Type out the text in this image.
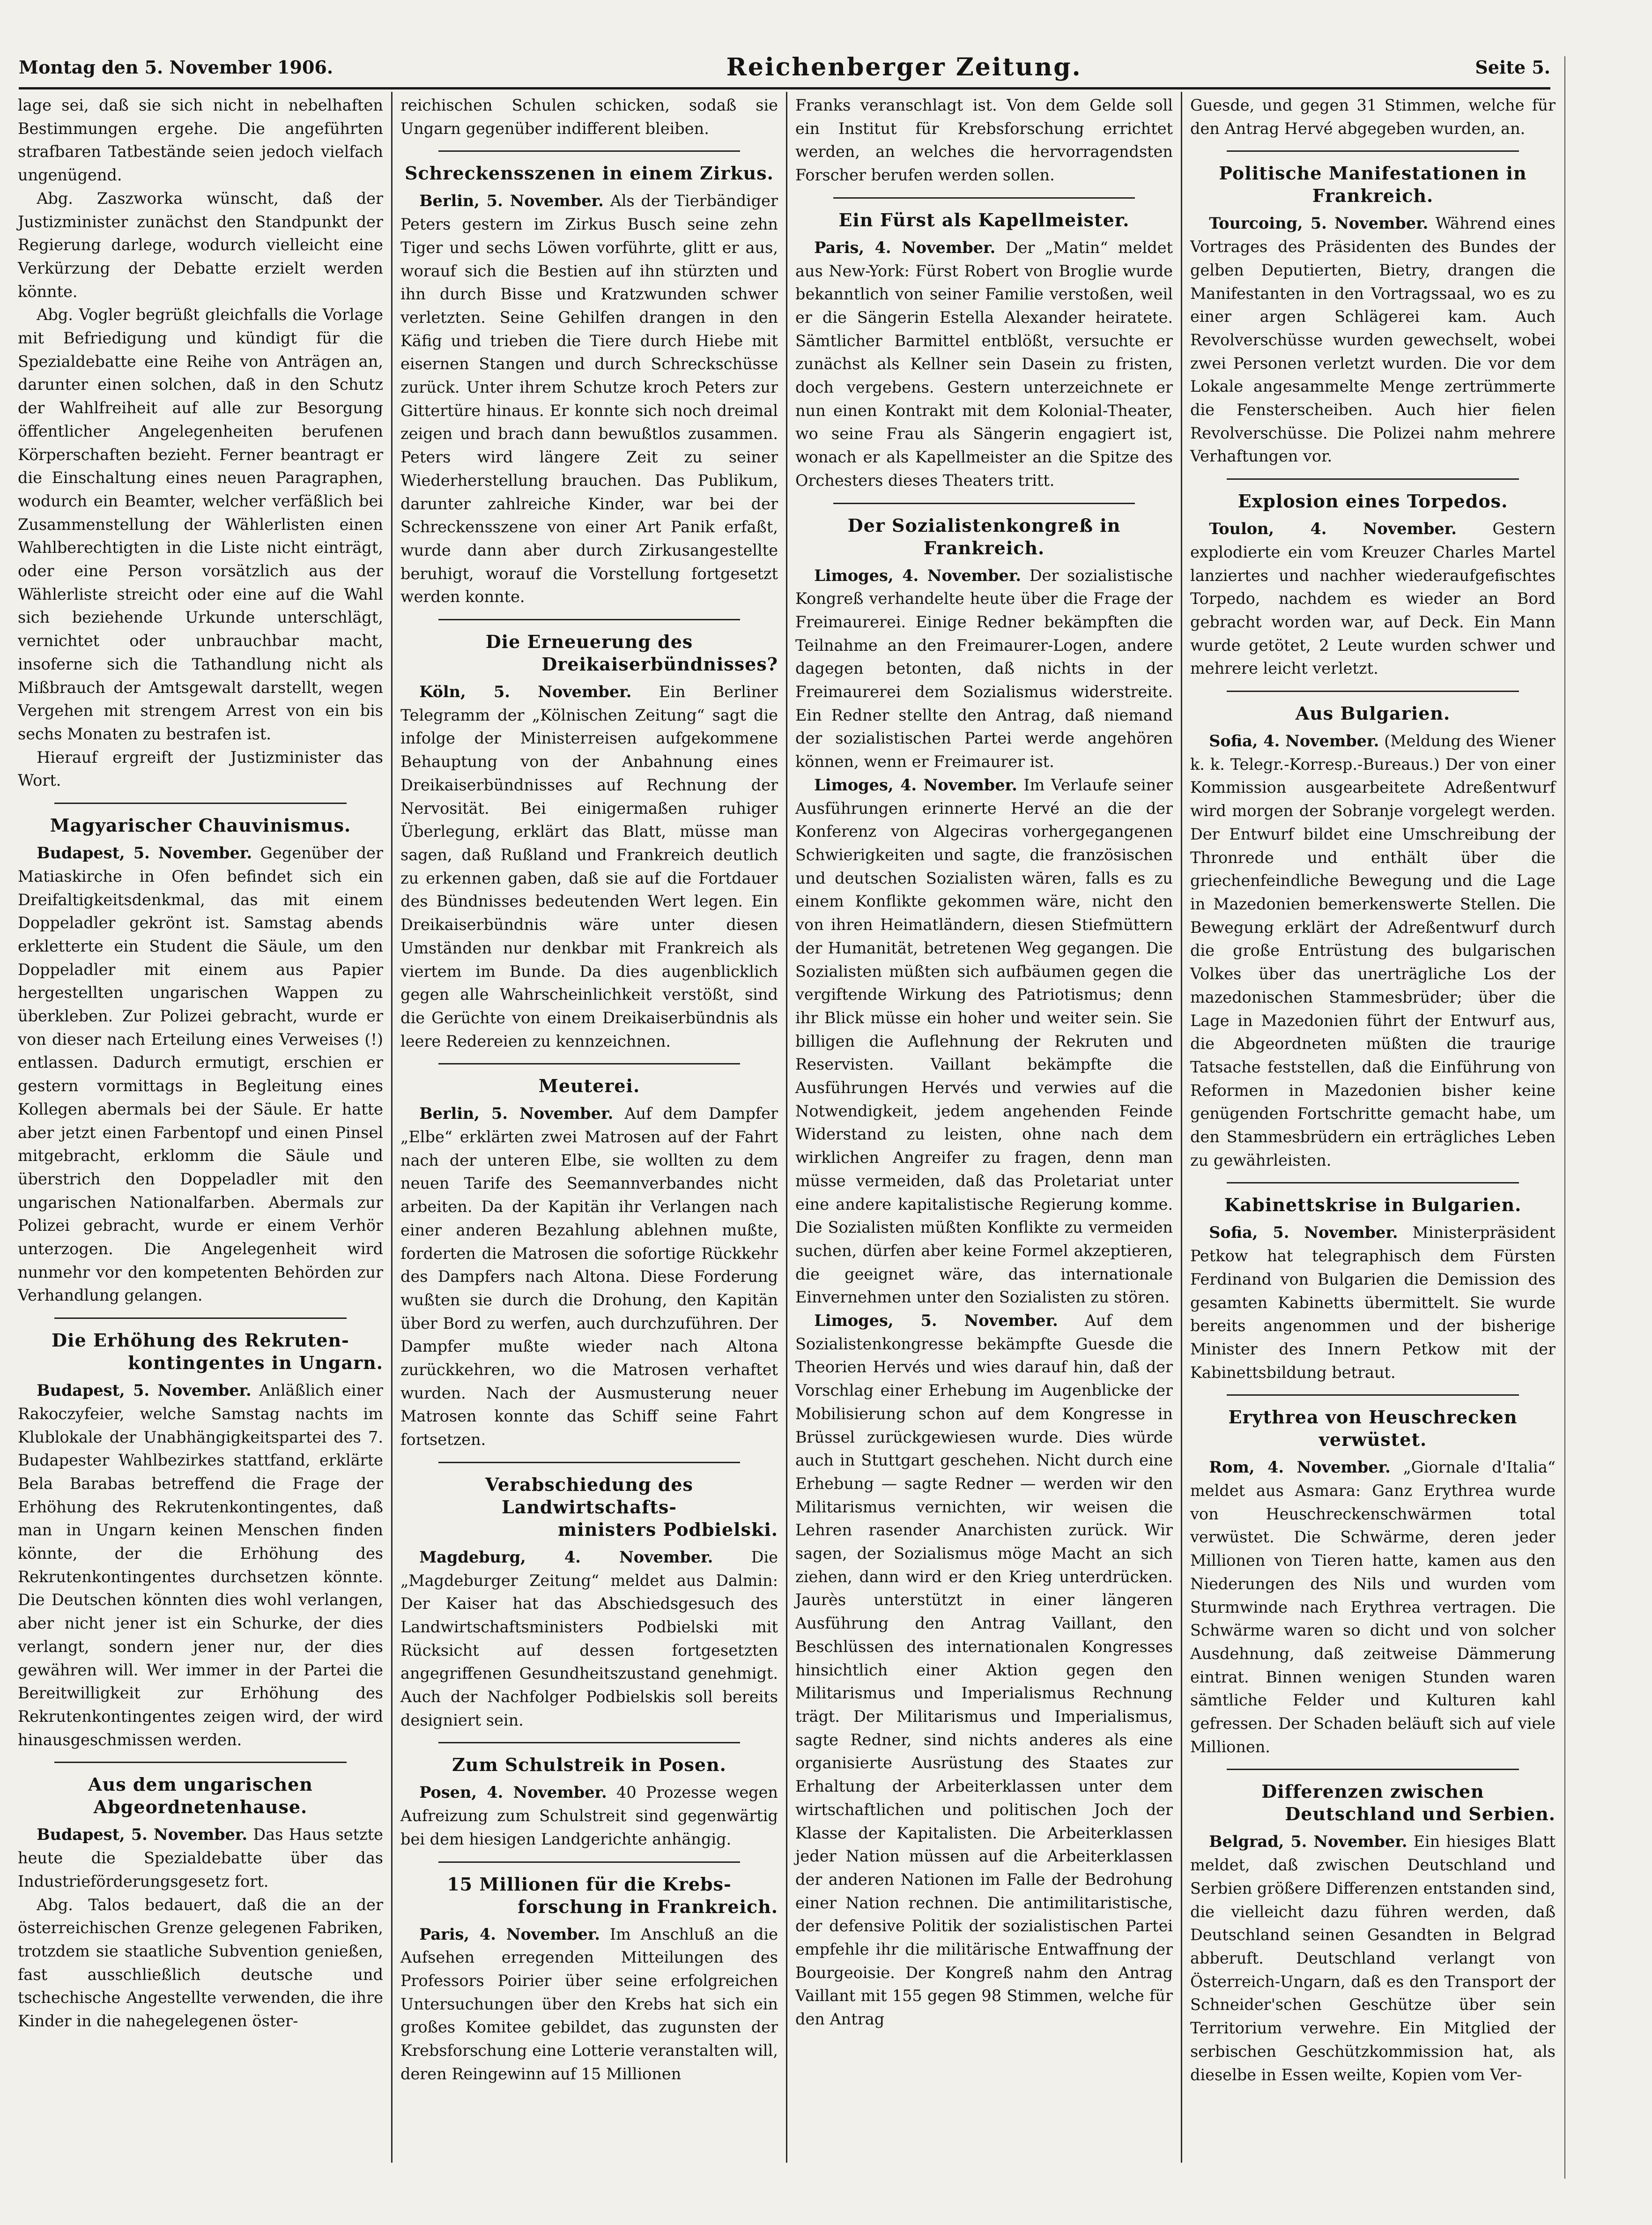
Montag den 5. November 1906.	Reichenberger Zeitung.	Seite 5.

lage sei, daß sie sich nicht in nebelhaften Bestimmungen ergehe. Die angeführten strafbaren Tatbestände seien jedoch vielfach ungenügend.

Abg. Zaszworka wünscht, daß der Justizminister zunächst den Standpunkt der Regierung darlege, wodurch vielleicht eine Verkürzung der Debatte erzielt werden könnte.

Abg. Vogler begrüßt gleichfalls die Vorlage mit Befriedigung und kündigt für die Spezialdebatte eine Reihe von Anträgen an, darunter einen solchen, daß in den Schutz der Wahlfreiheit auf alle zur Besorgung öffentlicher Angelegenheiten berufenen Körperschaften bezieht. Ferner beantragt er die Einschaltung eines neuen Paragraphen, wodurch ein Beamter, welcher verfäßlich bei Zusammenstellung der Wählerlisten einen Wahlberechtigten in die Liste nicht einträgt, oder eine Person vorsätzlich aus der Wählerliste streicht oder eine auf die Wahl sich beziehende Urkunde unterschlägt, vernichtet oder unbrauchbar macht, insoferne sich die Tathandlung nicht als Mißbrauch der Amtsgewalt darstellt, wegen Vergehen mit strengem Arrest von ein bis sechs Monaten zu bestrafen ist.

Hierauf ergreift der Justizminister das Wort.

Magyarischer Chauvinismus.

Budapest, 5. November. Gegenüber der Matiaskirche in Ofen befindet sich ein Dreifaltigkeitsdenkmal, das mit einem Doppeladler gekrönt ist. Samstag abends erkletterte ein Student die Säule, um den Doppeladler mit einem aus Papier hergestellten ungarischen Wappen zu überkleben. Zur Polizei gebracht, wurde er von dieser nach Erteilung eines Verweises (!) entlassen. Dadurch ermutigt, erschien er gestern vormittags in Begleitung eines Kollegen abermals bei der Säule. Er hatte aber jetzt einen Farbentopf und einen Pinsel mitgebracht, erklomm die Säule und überstrich den Doppeladler mit den ungarischen Nationalfarben. Abermals zur Polizei gebracht, wurde er einem Verhör unterzogen. Die Angelegenheit wird nunmehr vor den kompetenten Behörden zur Verhandlung gelangen.

Die Erhöhung des Rekruten-
kontingentes in Ungarn.

Budapest, 5. November. Anläßlich einer Rakoczyfeier, welche Samstag nachts im Klublokale der Unabhängigkeitspartei des 7. Budapester Wahlbezirkes stattfand, erklärte Bela Barabas betreffend die Frage der Erhöhung des Rekrutenkontingentes, daß man in Ungarn keinen Menschen finden könnte, der die Erhöhung des Rekrutenkontingentes durchsetzen könnte. Die Deutschen könnten dies wohl verlangen, aber nicht jener ist ein Schurke, der dies verlangt, sondern jener nur, der dies gewähren will. Wer immer in der Partei die Bereitwilligkeit zur Erhöhung des Rekrutenkontingentes zeigen wird, der wird hinausgeschmissen werden.

Aus dem ungarischen Abgeordnetenhause.

Budapest, 5. November. Das Haus setzte heute die Spezialdebatte über das Industrieförderungsgesetz fort.

Abg. Talos bedauert, daß die an der österreichischen Grenze gelegenen Fabriken, trotzdem sie staatliche Subvention genießen, fast ausschließlich deutsche und tschechische Angestellte verwenden, die ihre Kinder in die nahegelegenen öster-

reichischen Schulen schicken, sodaß sie Ungarn gegenüber indifferent bleiben.

Schreckensszenen in einem Zirkus.

Berlin, 5. November. Als der Tierbändiger Peters gestern im Zirkus Busch seine zehn Tiger und sechs Löwen vorführte, glitt er aus, worauf sich die Bestien auf ihn stürzten und ihn durch Bisse und Kratzwunden schwer verletzten. Seine Gehilfen drangen in den Käfig und trieben die Tiere durch Hiebe mit eisernen Stangen und durch Schreckschüsse zurück. Unter ihrem Schutze kroch Peters zur Gittertüre hinaus. Er konnte sich noch dreimal zeigen und brach dann bewußtlos zusammen. Peters wird längere Zeit zu seiner Wiederherstellung brauchen. Das Publikum, darunter zahlreiche Kinder, war bei der Schreckensszene von einer Art Panik erfaßt, wurde dann aber durch Zirkusangestellte beruhigt, worauf die Vorstellung fortgesetzt werden konnte.

Die Erneuerung des
Dreikaiserbündnisses?

Köln, 5. November. Ein Berliner Telegramm der „Kölnischen Zeitung“ sagt die infolge der Ministerreisen aufgekommene Behauptung von der Anbahnung eines Dreikaiserbündnisses auf Rechnung der Nervosität. Bei einigermaßen ruhiger Überlegung, erklärt das Blatt, müsse man sagen, daß Rußland und Frankreich deutlich zu erkennen gaben, daß sie auf die Fortdauer des Bündnisses bedeutenden Wert legen. Ein Dreikaiserbündnis wäre unter diesen Umständen nur denkbar mit Frankreich als viertem im Bunde. Da dies augenblicklich gegen alle Wahrscheinlichkeit verstößt, sind die Gerüchte von einem Dreikaiserbündnis als leere Redereien zu kennzeichnen.

Meuterei.

Berlin, 5. November. Auf dem Dampfer „Elbe“ erklärten zwei Matrosen auf der Fahrt nach der unteren Elbe, sie wollten zu dem neuen Tarife des Seemannverbandes nicht arbeiten. Da der Kapitän ihr Verlangen nach einer anderen Bezahlung ablehnen mußte, forderten die Matrosen die sofortige Rückkehr des Dampfers nach Altona. Diese Forderung wußten sie durch die Drohung, den Kapitän über Bord zu werfen, auch durchzuführen. Der Dampfer mußte wieder nach Altona zurückkehren, wo die Matrosen verhaftet wurden. Nach der Ausmusterung neuer Matrosen konnte das Schiff seine Fahrt fortsetzen.

Verabschiedung des Landwirtschafts-
ministers Podbielski.

Magdeburg, 4. November. Die „Magdeburger Zeitung“ meldet aus Dalmin: Der Kaiser hat das Abschiedsgesuch des Landwirtschaftsministers Podbielski mit Rücksicht auf dessen fortgesetzten angegriffenen Gesundheitszustand genehmigt. Auch der Nachfolger Podbielskis soll bereits designiert sein.

Zum Schulstreik in Posen.

Posen, 4. November. 40 Prozesse wegen Aufreizung zum Schulstreit sind gegenwärtig bei dem hiesigen Landgerichte anhängig.

15 Millionen für die Krebs-
forschung in Frankreich.

Paris, 4. November. Im Anschluß an die Aufsehen erregenden Mitteilungen des Professors Poirier über seine erfolgreichen Untersuchungen über den Krebs hat sich ein großes Komitee gebildet, das zugunsten der Krebsforschung eine Lotterie veranstalten will, deren Reingewinn auf 15 Millionen

Franks veranschlagt ist. Von dem Gelde soll ein Institut für Krebsforschung errichtet werden, an welches die hervorragendsten Forscher berufen werden sollen.

Ein Fürst als Kapellmeister.

Paris, 4. November. Der „Matin“ meldet aus New-York: Fürst Robert von Broglie wurde bekanntlich von seiner Familie verstoßen, weil er die Sängerin Estella Alexander heiratete. Sämtlicher Barmittel entblößt, versuchte er zunächst als Kellner sein Dasein zu fristen, doch vergebens. Gestern unterzeichnete er nun einen Kontrakt mit dem Kolonial-Theater, wo seine Frau als Sängerin engagiert ist, wonach er als Kapellmeister an die Spitze des Orchesters dieses Theaters tritt.

Der Sozialistenkongreß in Frankreich.

Limoges, 4. November. Der sozialistische Kongreß verhandelte heute über die Frage der Freimaurerei. Einige Redner bekämpften die Teilnahme an den Freimaurer-Logen, andere dagegen betonten, daß nichts in der Freimaurerei dem Sozialismus widerstreite. Ein Redner stellte den Antrag, daß niemand der sozialistischen Partei werde angehören können, wenn er Freimaurer ist.

Limoges, 4. November. Im Verlaufe seiner Ausführungen erinnerte Hervé an die der Konferenz von Algeciras vorhergegangenen Schwierigkeiten und sagte, die französischen und deutschen Sozialisten wären, falls es zu einem Konflikte gekommen wäre, nicht den von ihren Heimatländern, diesen Stiefmüttern der Humanität, betretenen Weg gegangen. Die Sozialisten müßten sich aufbäumen gegen die vergiftende Wirkung des Patriotismus; denn ihr Blick müsse ein hoher und weiter sein. Sie billigen die Auflehnung der Rekruten und Reservisten. Vaillant bekämpfte die Ausführungen Hervés und verwies auf die Notwendigkeit, jedem angehenden Feinde Widerstand zu leisten, ohne nach dem wirklichen Angreifer zu fragen, denn man müsse vermeiden, daß das Proletariat unter eine andere kapitalistische Regierung komme. Die Sozialisten müßten Konflikte zu vermeiden suchen, dürfen aber keine Formel akzeptieren, die geeignet wäre, das internationale Einvernehmen unter den Sozialisten zu stören.

Limoges, 5. November. Auf dem Sozialistenkongresse bekämpfte Guesde die Theorien Hervés und wies darauf hin, daß der Vorschlag einer Erhebung im Augenblicke der Mobilisierung schon auf dem Kongresse in Brüssel zurückgewiesen wurde. Dies würde auch in Stuttgart geschehen. Nicht durch eine Erhebung — sagte Redner — werden wir den Militarismus vernichten, wir weisen die Lehren rasender Anarchisten zurück. Wir sagen, der Sozialismus möge Macht an sich ziehen, dann wird er den Krieg unterdrücken. Jaurès unterstützt in einer längeren Ausführung den Antrag Vaillant, den Beschlüssen des internationalen Kongresses hinsichtlich einer Aktion gegen den Militarismus und Imperialismus Rechnung trägt. Der Militarismus und Imperialismus, sagte Redner, sind nichts anderes als eine organisierte Ausrüstung des Staates zur Erhaltung der Arbeiterklassen unter dem wirtschaftlichen und politischen Joch der Klasse der Kapitalisten. Die Arbeiterklassen jeder Nation müssen auf die Arbeiterklassen der anderen Nationen im Falle der Bedrohung einer Nation rechnen. Die antimilitaristische, der defensive Politik der sozialistischen Partei empfehle ihr die militärische Entwaffnung der Bourgeoisie. Der Kongreß nahm den Antrag Vaillant mit 155 gegen 98 Stimmen, welche für den Antrag

Guesde, und gegen 31 Stimmen, welche für den Antrag Hervé abgegeben wurden, an.

Politische Manifestationen in Frankreich.

Tourcoing, 5. November. Während eines Vortrages des Präsidenten des Bundes der gelben Deputierten, Bietry, drangen die Manifestanten in den Vortragssaal, wo es zu einer argen Schlägerei kam. Auch Revolverschüsse wurden gewechselt, wobei zwei Personen verletzt wurden. Die vor dem Lokale angesammelte Menge zertrümmerte die Fensterscheiben. Auch hier fielen Revolverschüsse. Die Polizei nahm mehrere Verhaftungen vor.

Explosion eines Torpedos.

Toulon, 4. November. Gestern explodierte ein vom Kreuzer Charles Martel lanziertes und nachher wiederaufgefischtes Torpedo, nachdem es wieder an Bord gebracht worden war, auf Deck. Ein Mann wurde getötet, 2 Leute wurden schwer und mehrere leicht verletzt.

Aus Bulgarien.

Sofia, 4. November. (Meldung des Wiener k. k. Telegr.-Korresp.-Bureaus.) Der von einer Kommission ausgearbeitete Adreßentwurf wird morgen der Sobranje vorgelegt werden. Der Entwurf bildet eine Umschreibung der Thronrede und enthält über die griechenfeindliche Bewegung und die Lage in Mazedonien bemerkenswerte Stellen. Die Bewegung erklärt der Adreßentwurf durch die große Entrüstung des bulgarischen Volkes über das unerträgliche Los der mazedonischen Stammesbrüder; über die Lage in Mazedonien führt der Entwurf aus, die Abgeordneten müßten die traurige Tatsache feststellen, daß die Einführung von Reformen in Mazedonien bisher keine genügenden Fortschritte gemacht habe, um den Stammesbrüdern ein erträgliches Leben zu gewährleisten.

Kabinettskrise in Bulgarien.

Sofia, 5. November. Ministerpräsident Petkow hat telegraphisch dem Fürsten Ferdinand von Bulgarien die Demission des gesamten Kabinetts übermittelt. Sie wurde bereits angenommen und der bisherige Minister des Innern Petkow mit der Kabinettsbildung betraut.

Erythrea von Heuschrecken verwüstet.

Rom, 4. November. „Giornale d'Italia“ meldet aus Asmara: Ganz Erythrea wurde von Heuschreckenschwärmen total verwüstet. Die Schwärme, deren jeder Millionen von Tieren hatte, kamen aus den Niederungen des Nils und wurden vom Sturmwinde nach Erythrea vertragen. Die Schwärme waren so dicht und von solcher Ausdehnung, daß zeitweise Dämmerung eintrat. Binnen wenigen Stunden waren sämtliche Felder und Kulturen kahl gefressen. Der Schaden beläuft sich auf viele Millionen.

Differenzen zwischen
Deutschland und Serbien.

Belgrad, 5. November. Ein hiesiges Blatt meldet, daß zwischen Deutschland und Serbien größere Differenzen entstanden sind, die vielleicht dazu führen werden, daß Deutschland seinen Gesandten in Belgrad abberuft. Deutschland verlangt von Österreich-Ungarn, daß es den Transport der Schneider'schen Geschütze über sein Territorium verwehre. Ein Mitglied der serbischen Geschützkommission hat, als dieselbe in Essen weilte, Kopien vom Ver-
